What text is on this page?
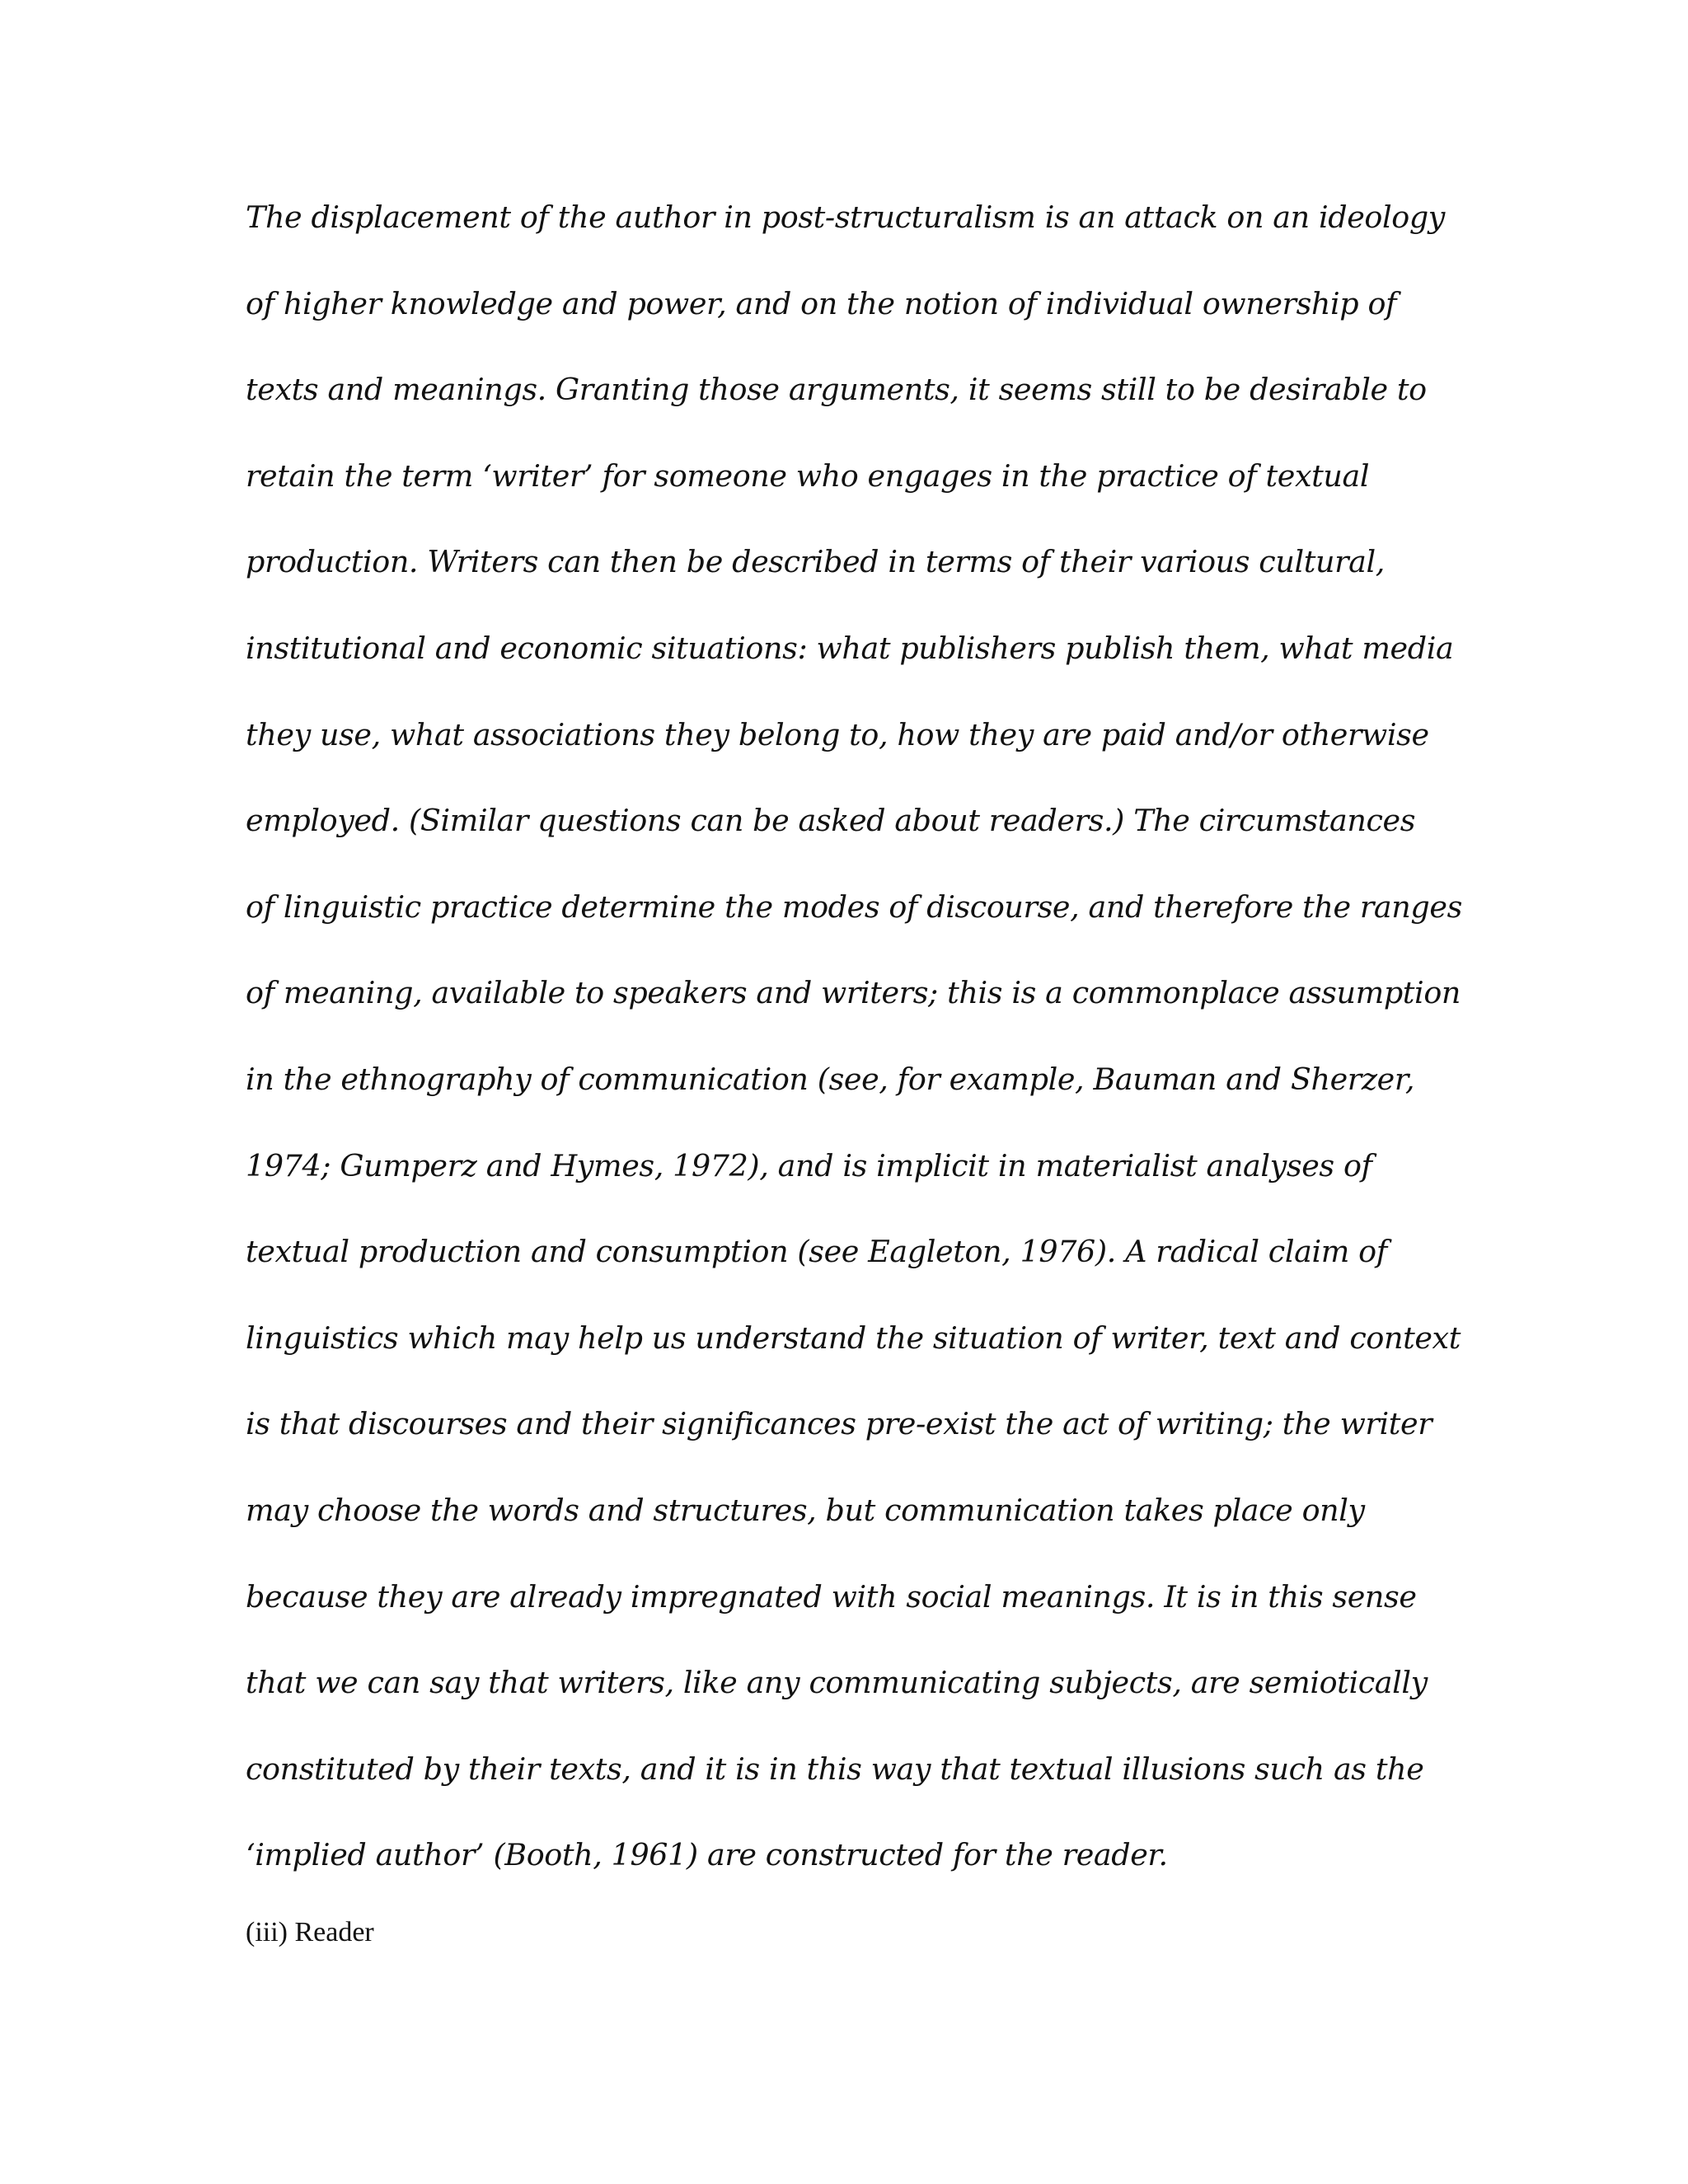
The displacement of the author in post-structuralism is an attack on an ideology
of higher knowledge and power, and on the notion of individual ownership of
texts and meanings. Granting those arguments, it seems still to be desirable to
retain the term ‘writer’ for someone who engages in the practice of textual
production. Writers can then be described in terms of their various cultural,
institutional and economic situations: what publishers publish them, what media
they use, what associations they belong to, how they are paid and/or otherwise
employed. (Similar questions can be asked about readers.) The circumstances
of linguistic practice determine the modes of discourse, and therefore the ranges
of meaning, available to speakers and writers; this is a commonplace assumption
in the ethnography of communication (see, for example, Bauman and Sherzer,
1974; Gumperz and Hymes, 1972), and is implicit in materialist analyses of
textual production and consumption (see Eagleton, 1976). A radical claim of
linguistics which may help us understand the situation of writer, text and context
is that discourses and their significances pre-exist the act of writing; the writer
may choose the words and structures, but communication takes place only
because they are already impregnated with social meanings. It is in this sense
that we can say that writers, like any communicating subjects, are semiotically
constituted by their texts, and it is in this way that textual illusions such as the
‘implied author’ (Booth, 1961) are constructed for the reader.
(iii) Reader
